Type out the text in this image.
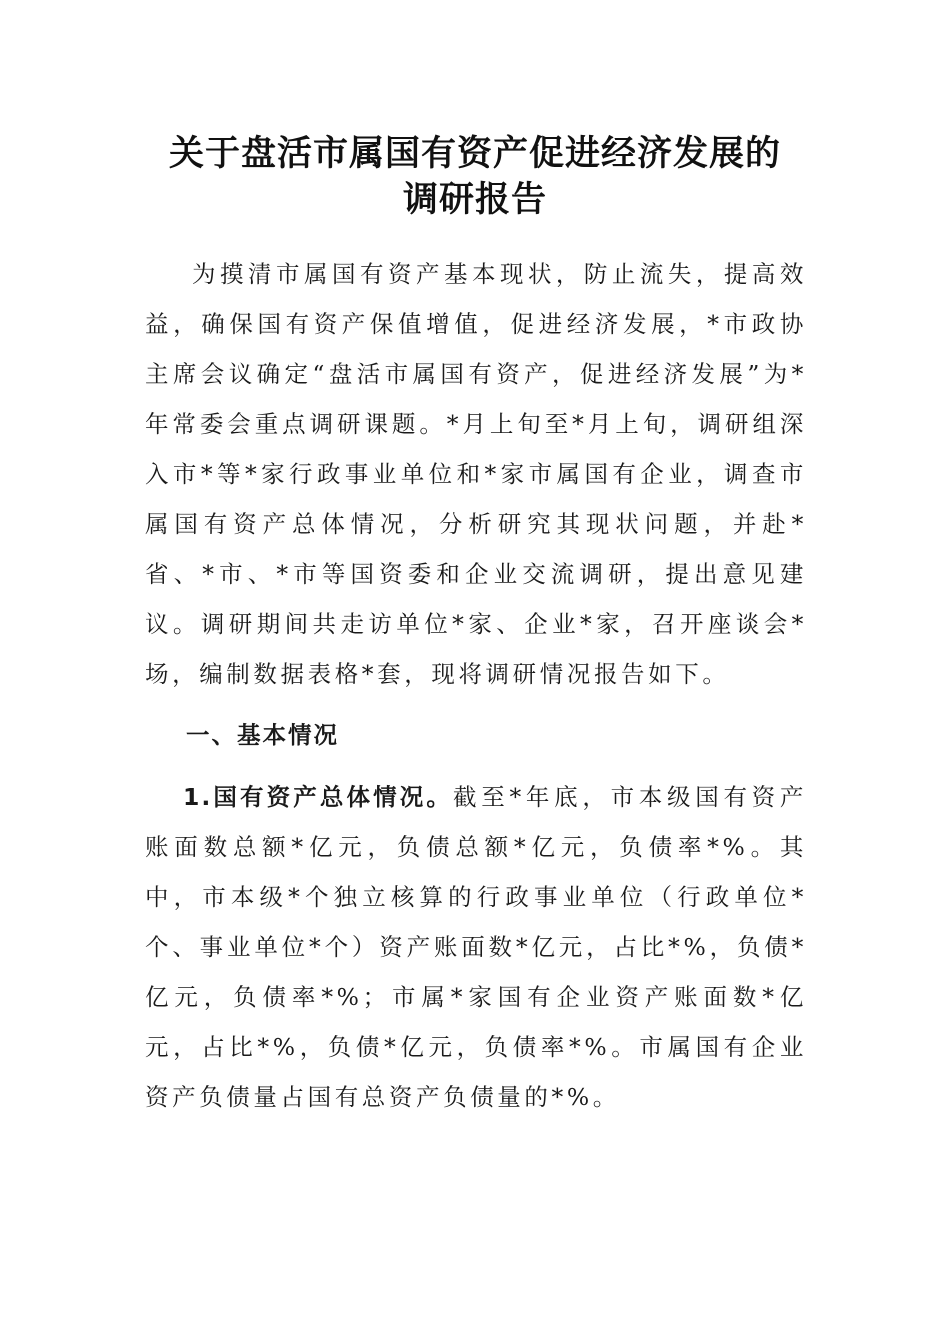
关于盘活市属国有资产促进经济发展的
调研报告

为摸清市属国有资产基本现状，防止流失，提高效益，确保国有资产保值增值，促进经济发展，*市政协主席会议确定“盘活市属国有资产，促进经济发展”为*年常委会重点调研课题。*月上旬至*月上旬，调研组深入市*等*家行政事业单位和*家市属国有企业，调查市属国有资产总体情况，分析研究其现状问题，并赴*省、*市、*市等国资委和企业交流调研，提出意见建议。调研期间共走访单位*家、企业*家，召开座谈会*场，编制数据表格*套，现将调研情况报告如下。

一、基本情况

1.国有资产总体情况。截至*年底，市本级国有资产账面数总额*亿元，负债总额*亿元，负债率*%。其中，市本级*个独立核算的行政事业单位（行政单位*个、事业单位*个）资产账面数*亿元，占比*%，负债*亿元，负债率*%；市属*家国有企业资产账面数*亿元，占比*%，负债*亿元，负债率*%。市属国有企业资产负债量占国有总资产负债量的*%。
